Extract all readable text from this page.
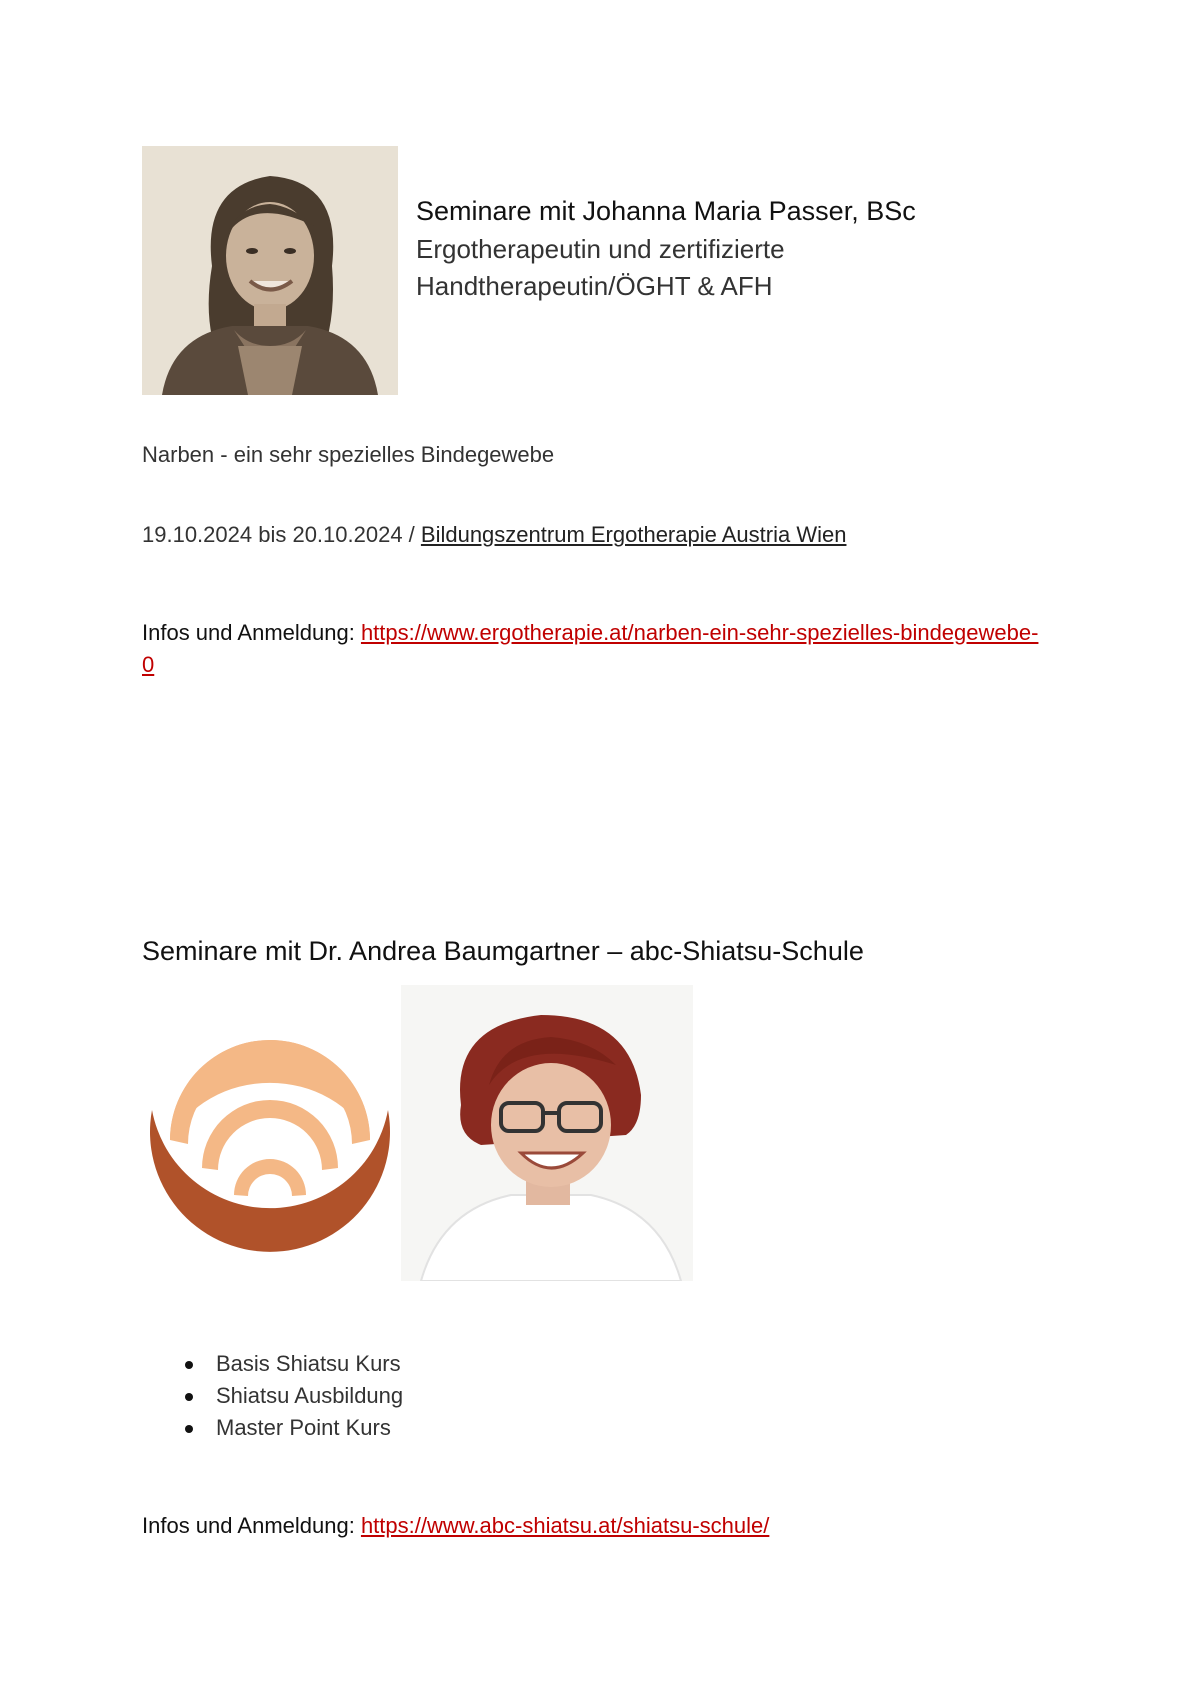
Seminare mit Johanna Maria Passer, BSc
Ergotherapeutin und zertifizierte
Handtherapeutin/ÖGHT & AFH
Narben - ein sehr spezielles Bindegewebe
19.10.2024 bis 20.10.2024 / Bildungszentrum Ergotherapie Austria Wien
Infos und Anmeldung: https://www.ergotherapie.at/narben-ein-sehr-spezielles-bindegewebe-0
Seminare mit Dr. Andrea Baumgartner – abc-Shiatsu-Schule
Basis Shiatsu Kurs
Shiatsu Ausbildung
Master Point Kurs
Infos und Anmeldung: https://www.abc-shiatsu.at/shiatsu-schule/
